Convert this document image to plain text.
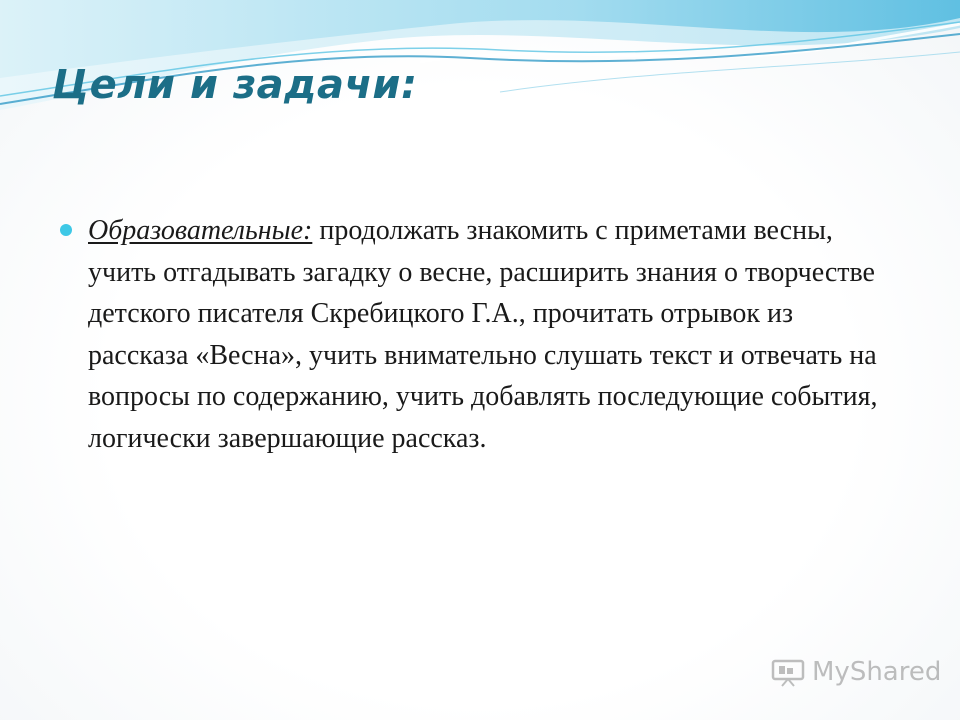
Цели и задачи:
Образовательные: продолжать знакомить с приметами весны, учить отгадывать загадку о весне, расширить знания о творчестве детского писателя Скребицкого Г.А., прочитать отрывок из рассказа «Весна», учить внимательно слушать текст и отвечать на вопросы по содержанию, учить добавлять последующие события, логически завершающие рассказ.
MyShared
